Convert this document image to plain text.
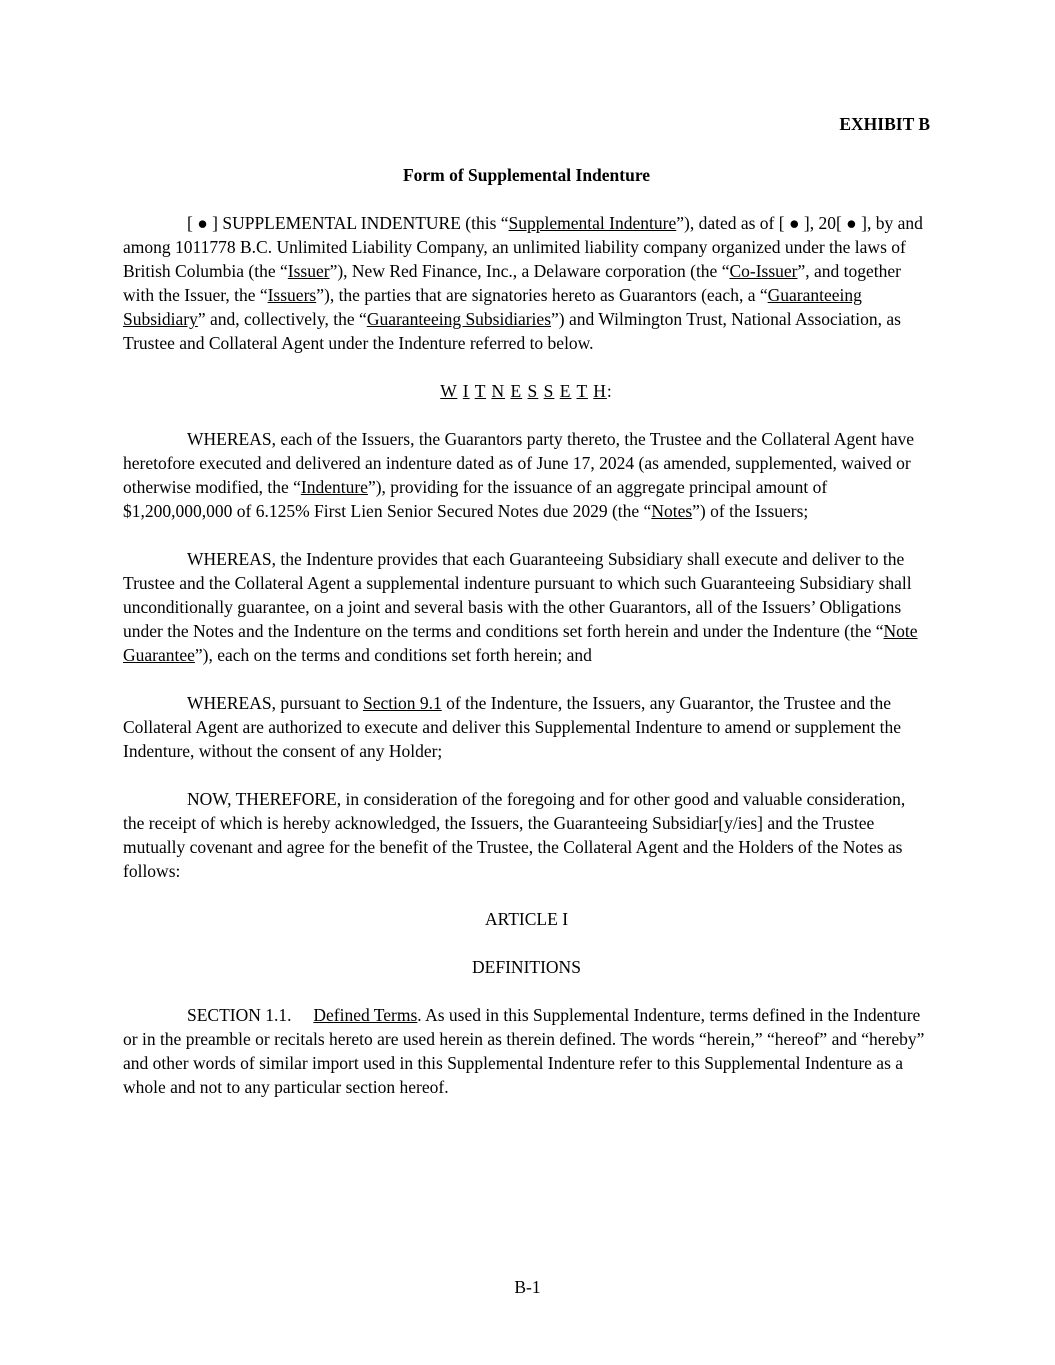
EXHIBIT B
Form of Supplemental Indenture

[ ● ] SUPPLEMENTAL INDENTURE (this “Supplemental Indenture”), dated as of [ ● ], 20[ ● ], by and among 1011778 B.C. Unlimited Liability Company, an unlimited liability company organized under the laws of British Columbia (the “Issuer”), New Red Finance, Inc., a Delaware corporation (the “Co-Issuer”, and together with the Issuer, the “Issuers”), the parties that are signatories hereto as Guarantors (each, a “Guaranteeing Subsidiary” and, collectively, the “Guaranteeing Subsidiaries”) and Wilmington Trust, National Association, as Trustee and Collateral Agent under the Indenture referred to below.

W I T N E S S E T H:

WHEREAS, each of the Issuers, the Guarantors party thereto, the Trustee and the Collateral Agent have heretofore executed and delivered an indenture dated as of June 17, 2024 (as amended, supplemented, waived or otherwise modified, the “Indenture”), providing for the issuance of an aggregate principal amount of $1,200,000,000 of 6.125% First Lien Senior Secured Notes due 2029 (the “Notes”) of the Issuers;

WHEREAS, the Indenture provides that each Guaranteeing Subsidiary shall execute and deliver to the Trustee and the Collateral Agent a supplemental indenture pursuant to which such Guaranteeing Subsidiary shall unconditionally guarantee, on a joint and several basis with the other Guarantors, all of the Issuers’ Obligations under the Notes and the Indenture on the terms and conditions set forth herein and under the Indenture (the “Note Guarantee”), each on the terms and conditions set forth herein; and

WHEREAS, pursuant to Section 9.1 of the Indenture, the Issuers, any Guarantor, the Trustee and the Collateral Agent are authorized to execute and deliver this Supplemental Indenture to amend or supplement the Indenture, without the consent of any Holder;

NOW, THEREFORE, in consideration of the foregoing and for other good and valuable consideration, the receipt of which is hereby acknowledged, the Issuers, the Guaranteeing Subsidiar[y/ies] and the Trustee mutually covenant and agree for the benefit of the Trustee, the Collateral Agent and the Holders of the Notes as follows:

ARTICLE I

DEFINITIONS

SECTION 1.1.     Defined Terms. As used in this Supplemental Indenture, terms defined in the Indenture or in the preamble or recitals hereto are used herein as therein defined. The words “herein,” “hereof” and “hereby” and other words of similar import used in this Supplemental Indenture refer to this Supplemental Indenture as a whole and not to any particular section hereof.

B-1
